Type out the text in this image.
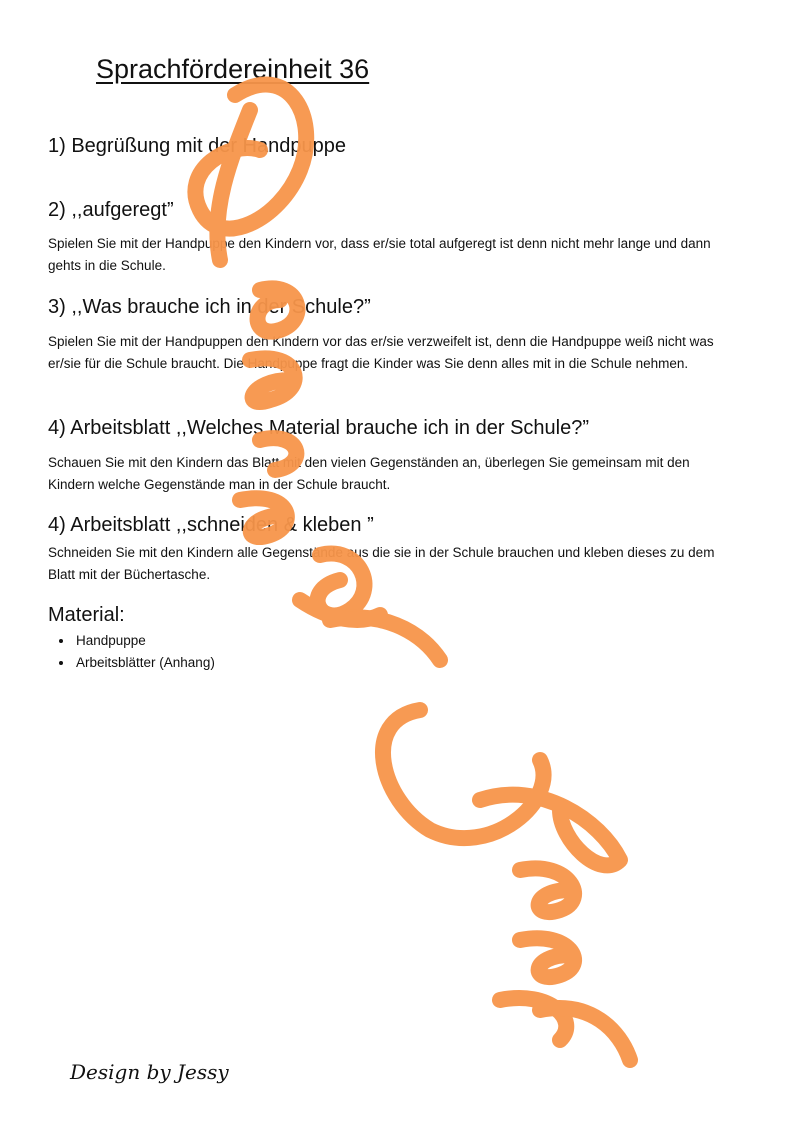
Sprachfördereinheit 36
1) Begrüßung mit der Handpuppe
2) ,,aufgeregt”
Spielen Sie mit der Handpuppe den Kindern vor, dass er/sie total aufgeregt ist denn nicht mehr lange und dann gehts in die Schule.
3) ,,Was brauche ich in der Schule?”
Spielen Sie mit der Handpuppen den Kindern vor das er/sie verzweifelt ist, denn die Handpuppe weiß nicht was er/sie für die Schule braucht. Die Handpuppe fragt die Kinder was Sie denn alles mit in die Schule nehmen.
4) Arbeitsblatt ,,Welches Material brauche ich in der Schule?”
Schauen Sie mit den Kindern das Blatt mit den vielen Gegenständen an, überlegen Sie gemeinsam mit den Kindern welche Gegenstände man in der Schule braucht.
4) Arbeitsblatt ,,schneiden & kleben ”
Schneiden Sie mit den Kindern alle Gegenstände aus die sie in der Schule brauchen und kleben dieses zu dem Blatt mit der Büchertasche.
Material:
• Handpuppe
• Arbeitsblätter (Anhang)
Design by Jessy
